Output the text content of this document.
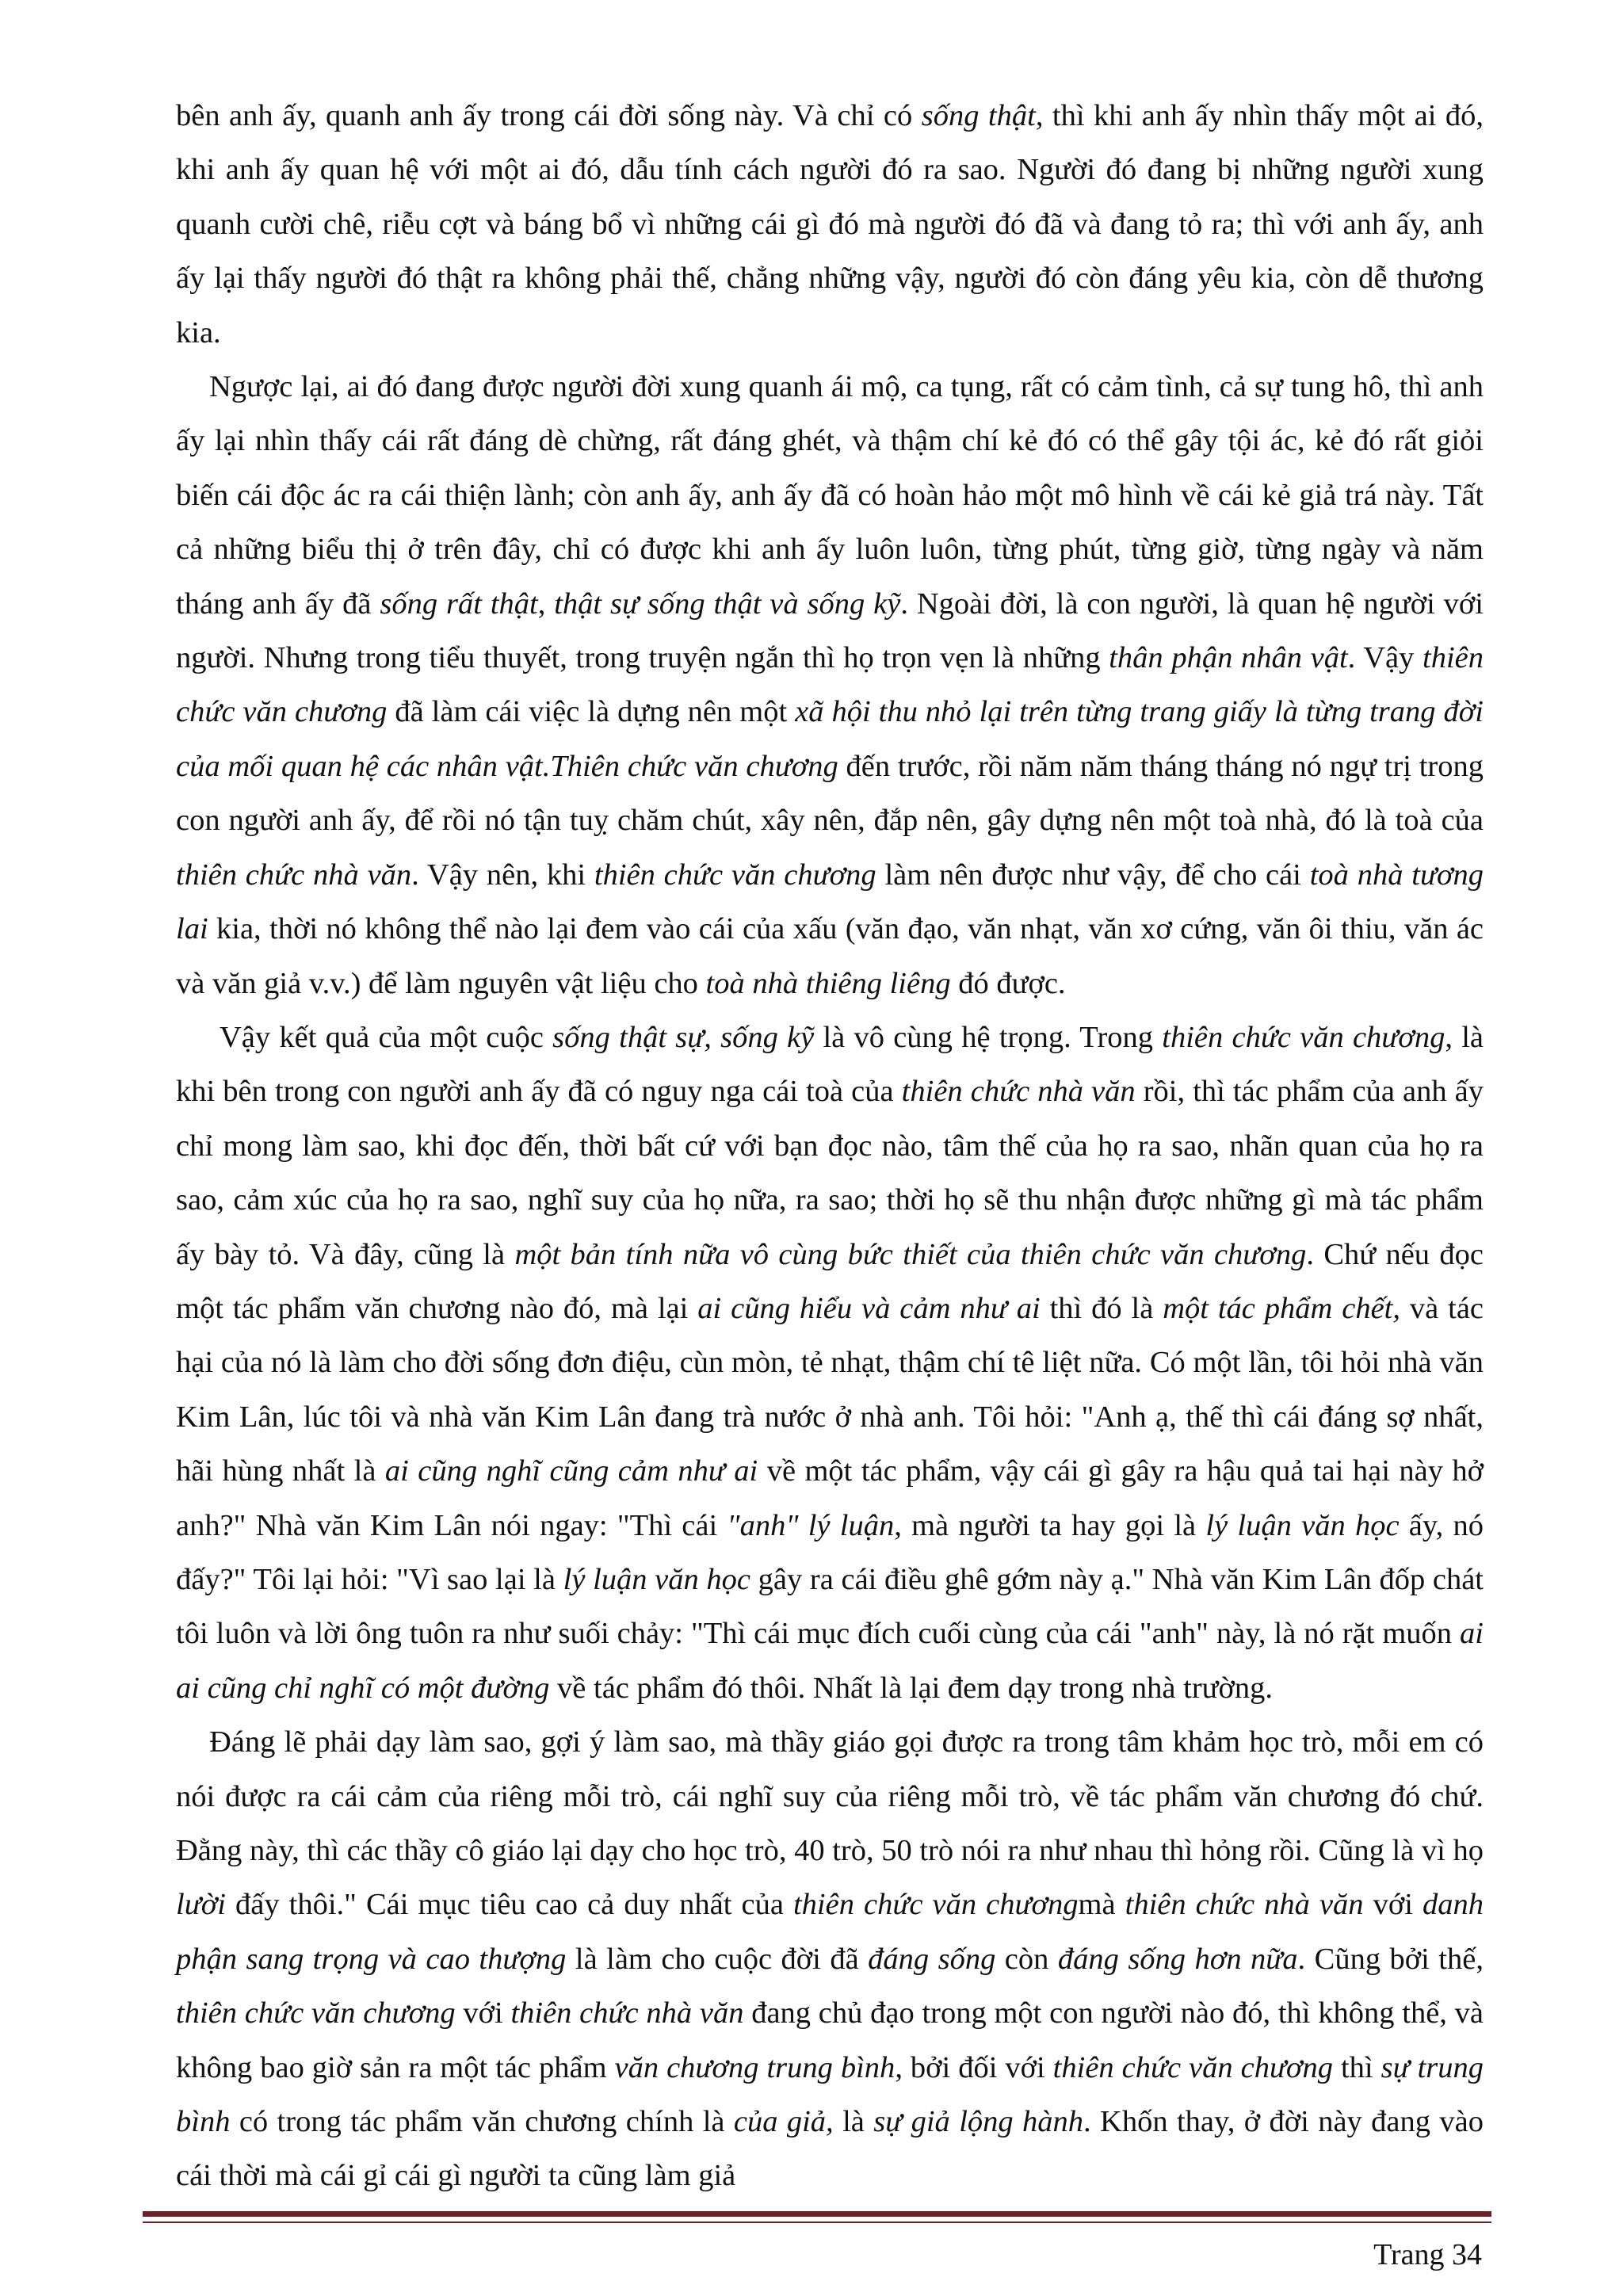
bên anh ấy, quanh anh ấy trong cái đời sống này. Và chỉ có sống thật, thì khi anh ấy nhìn thấy một ai đó, khi anh ấy quan hệ với một ai đó, dẫu tính cách người đó ra sao. Người đó đang bị những người xung quanh cười chê, riễu cợt và báng bổ vì những cái gì đó mà người đó đã và đang tỏ ra; thì với anh ấy, anh ấy lại thấy người đó thật ra không phải thế, chẳng những vậy, người đó còn đáng yêu kia, còn dễ thương kia.

Ngược lại, ai đó đang được người đời xung quanh ái mộ, ca tụng, rất có cảm tình, cả sự tung hô, thì anh ấy lại nhìn thấy cái rất đáng dè chừng, rất đáng ghét, và thậm chí kẻ đó có thể gây tội ác, kẻ đó rất giỏi biến cái độc ác ra cái thiện lành; còn anh ấy, anh ấy đã có hoàn hảo một mô hình về cái kẻ giả trá này. Tất cả những biểu thị ở trên đây, chỉ có được khi anh ấy luôn luôn, từng phút, từng giờ, từng ngày và năm tháng anh ấy đã sống rất thật, thật sự sống thật và sống kỹ. Ngoài đời, là con người, là quan hệ người với người. Nhưng trong tiểu thuyết, trong truyện ngắn thì họ trọn vẹn là những thân phận nhân vật. Vậy thiên chức văn chương đã làm cái việc là dựng nên một xã hội thu nhỏ lại trên từng trang giấy là từng trang đời của mối quan hệ các nhân vật.Thiên chức văn chương đến trước, rồi năm năm tháng tháng nó ngự trị trong con người anh ấy, để rồi nó tận tuỵ chăm chút, xây nên, đắp nên, gây dựng nên một toà nhà, đó là toà của thiên chức nhà văn. Vậy nên, khi thiên chức văn chương làm nên được như vậy, để cho cái toà nhà tương lai kia, thời nó không thể nào lại đem vào cái của xấu (văn đạo, văn nhạt, văn xơ cứng, văn ôi thiu, văn ác và văn giả v.v.) để làm nguyên vật liệu cho toà nhà thiêng liêng đó được.

Vậy kết quả của một cuộc sống thật sự, sống kỹ là vô cùng hệ trọng. Trong thiên chức văn chương, là khi bên trong con người anh ấy đã có nguy nga cái toà của thiên chức nhà văn rồi, thì tác phẩm của anh ấy chỉ mong làm sao, khi đọc đến, thời bất cứ với bạn đọc nào, tâm thế của họ ra sao, nhãn quan của họ ra sao, cảm xúc của họ ra sao, nghĩ suy của họ nữa, ra sao; thời họ sẽ thu nhận được những gì mà tác phẩm ấy bày tỏ. Và đây, cũng là một bản tính nữa vô cùng bức thiết của thiên chức văn chương. Chứ nếu đọc một tác phẩm văn chương nào đó, mà lại ai cũng hiểu và cảm như ai thì đó là một tác phẩm chết, và tác hại của nó là làm cho đời sống đơn điệu, cùn mòn, tẻ nhạt, thậm chí tê liệt nữa. Có một lần, tôi hỏi nhà văn Kim Lân, lúc tôi và nhà văn Kim Lân đang trà nước ở nhà anh. Tôi hỏi: "Anh ạ, thế thì cái đáng sợ nhất, hãi hùng nhất là ai cũng nghĩ cũng cảm như ai về một tác phẩm, vậy cái gì gây ra hậu quả tai hại này hở anh?" Nhà văn Kim Lân nói ngay: "Thì cái "anh" lý luận, mà người ta hay gọi là lý luận văn học ấy, nó đấy?" Tôi lại hỏi: "Vì sao lại là lý luận văn học gây ra cái điều ghê gớm này ạ." Nhà văn Kim Lân đốp chát tôi luôn và lời ông tuôn ra như suối chảy: "Thì cái mục đích cuối cùng của cái "anh" này, là nó rặt muốn ai ai cũng chỉ nghĩ có một đường về tác phẩm đó thôi. Nhất là lại đem dạy trong nhà trường.

Đáng lẽ phải dạy làm sao, gợi ý làm sao, mà thầy giáo gọi được ra trong tâm khảm học trò, mỗi em có nói được ra cái cảm của riêng mỗi trò, cái nghĩ suy của riêng mỗi trò, về tác phẩm văn chương đó chứ. Đằng này, thì các thầy cô giáo lại dạy cho học trò, 40 trò, 50 trò nói ra như nhau thì hỏng rồi. Cũng là vì họ lười đấy thôi." Cái mục tiêu cao cả duy nhất của thiên chức văn chươngmà thiên chức nhà văn với danh phận sang trọng và cao thượng là làm cho cuộc đời đã đáng sống còn đáng sống hơn nữa. Cũng bởi thế, thiên chức văn chương với thiên chức nhà văn đang chủ đạo trong một con người nào đó, thì không thể, và không bao giờ sản ra một tác phẩm văn chương trung bình, bởi đối với thiên chức văn chương thì sự trung bình có trong tác phẩm văn chương chính là của giả, là sự giả lộng hành. Khốn thay, ở đời này đang vào cái thời mà cái gỉ cái gì người ta cũng làm giả

Trang 34
